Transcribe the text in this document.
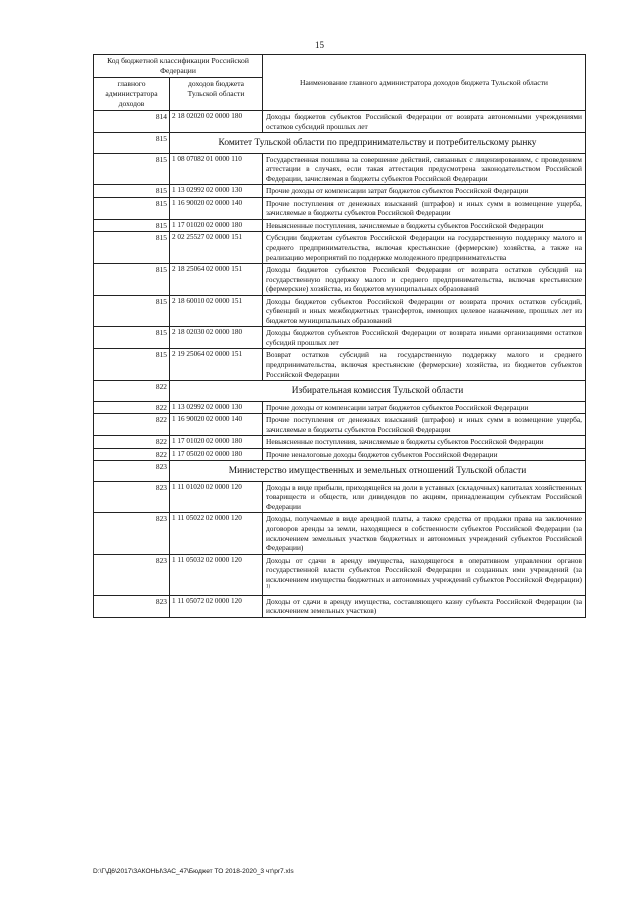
15
Код бюджетной классификации Российской Федерации		Наименование главного администратора доходов бюджета Тульской области
главного администратора доходов	доходов бюджета Тульской области	
814	2 18 02020 02 0000 180	Доходы бюджетов субъектов Российской Федерации от возврата автономными учреждениями остатков субсидий прошлых лет
815	Комитет Тульской области по предпринимательству и потребительскому рынку	
815	1 08 07082 01 0000 110	Государственная пошлина за совершение действий, связанных с лицензированием, с проведением аттестации в случаях, если такая аттестация предусмотрена законодательством Российской Федерации, зачисляемая в бюджеты субъектов Российской Федерации
815	1 13 02992 02 0000 130	Прочие доходы от компенсации затрат бюджетов субъектов Российской Федерации
815	1 16 90020 02 0000 140	Прочие поступления от денежных взысканий (штрафов) и иных сумм в возмещение ущерба, зачисляемые в бюджеты субъектов Российской Федерации
815	1 17 01020 02 0000 180	Невыясненные поступления, зачисляемые в бюджеты субъектов Российской Федерации
815	2 02 25527 02 0000 151	Субсидии бюджетам субъектов Российской Федерации на государственную поддержку малого и среднего предпринимательства, включая крестьянские (фермерские) хозяйства, а также на реализацию мероприятий по поддержке молодежного предпринимательства
815	2 18 25064 02 0000 151	Доходы бюджетов субъектов Российской Федерации от возврата остатков субсидий на государственную поддержку малого и среднего предпринимательства, включая крестьянские (фермерские) хозяйства, из бюджетов муниципальных образований
815	2 18 60010 02 0000 151	Доходы бюджетов субъектов Российской Федерации от возврата прочих остатков субсидий, субвенций и иных межбюджетных трансфертов, имеющих целевое назначение, прошлых лет из бюджетов муниципальных образований
815	2 18 02030 02 0000 180	Доходы бюджетов субъектов Российской Федерации от возврата иными организациями остатков субсидий прошлых лет
815	2 19 25064 02 0000 151	Возврат остатков субсидий на государственную поддержку малого и среднего предпринимательства, включая крестьянские (фермерские) хозяйства, из бюджетов субъектов Российской Федерации
822	Избирательная комиссия Тульской области	
822	1 13 02992 02 0000 130	Прочие доходы от компенсации затрат бюджетов субъектов Российской Федерации
822	1 16 90020 02 0000 140	Прочие поступления от денежных взысканий (штрафов) и иных сумм в возмещение ущерба, зачисляемые в бюджеты субъектов Российской Федерации
822	1 17 01020 02 0000 180	Невыясненные поступления, зачисляемые в бюджеты субъектов Российской Федерации
822	1 17 05020 02 0000 180	Прочие неналоговые доходы бюджетов субъектов Российской Федерации
823	Министерство имущественных и земельных отношений Тульской области	
823	1 11 01020 02 0000 120	Доходы в виде прибыли, приходящейся на доли в уставных (складочных) капиталах хозяйственных товариществ и обществ, или дивидендов по акциям, принадлежащим субъектам Российской Федерации
823	1 11 05022 02 0000 120	Доходы, получаемые в виде арендной платы, а также средства от продажи права на заключение договоров аренды за земли, находящиеся в собственности субъектов Российской Федерации (за исключением земельных участков бюджетных и автономных учреждений субъектов Российской Федерации)
823	1 11 05032 02 0000 120	Доходы от сдачи в аренду имущества, находящегося в оперативном управлении органов государственной власти субъектов Российской Федерации и созданных ими учреждений (за исключением имущества бюджетных и автономных учреждений субъектов Российской Федерации) $^{1)}$
823	1 11 05072 02 0000 120	Доходы от сдачи в аренду имущества, составляющего казну субъекта Российской Федерации (за исключением земельных участков)
D:\Г\Д6\2017\ЗАКОНЫ\ЗАС_47\Бюджет ТО 2018-2020_3 чт\pr7.xls
